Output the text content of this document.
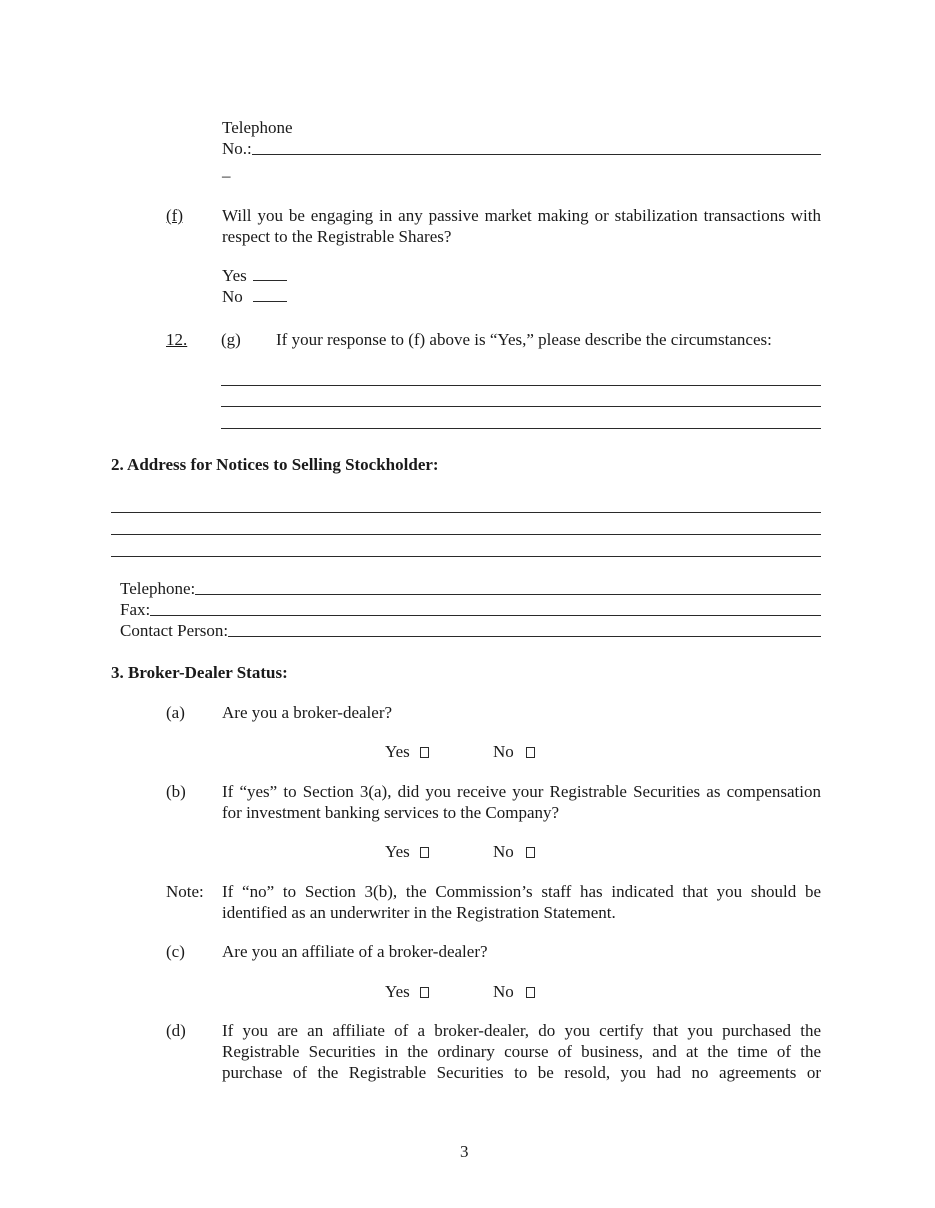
Telephone
No.:
–
(f) Will you be engaging in any passive market making or stabilization transactions with respect to the Registrable Shares?
Yes
No
12. (g) If your response to (f) above is “Yes,” please describe the circumstances:
2. Address for Notices to Selling Stockholder:
Telephone:
Fax:
Contact Person:
3. Broker-Dealer Status:
(a) Are you a broker-dealer?
Yes	No
(b) If “yes” to Section 3(a), did you receive your Registrable Securities as compensation for investment banking services to the Company?
Yes	No
Note: If “no” to Section 3(b), the Commission’s staff has indicated that you should be identified as an underwriter in the Registration Statement.
(c) Are you an affiliate of a broker-dealer?
Yes	No
(d) If you are an affiliate of a broker-dealer, do you certify that you purchased the Registrable Securities in the ordinary course of business, and at the time of the purchase of the Registrable Securities to be resold, you had no agreements or
3
